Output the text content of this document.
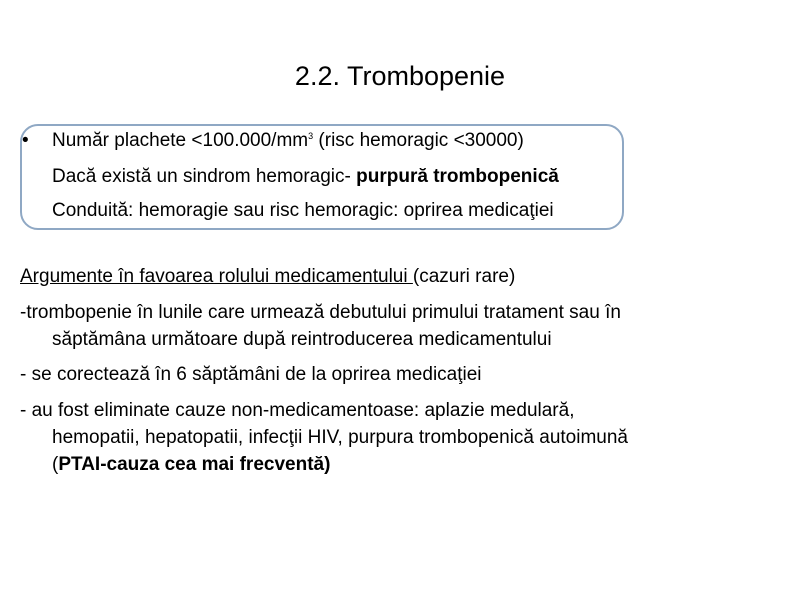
2.2. Trombopenie
• Număr plachete $<100.000/mm^3$ (risc hemoragic <30000)
Dacă există un sindrom hemoragic- purpură trombopenică
Conduită: hemoragie sau risc hemoragic: oprirea medicaţiei
Argumente în favoarea rolului medicamentului (cazuri rare)
-trombopenie în lunile care urmează debutului primului tratament sau în
săptămâna următoare după reintroducerea medicamentului
- se corectează în 6 săptămâni de la oprirea medicaţiei
- au fost eliminate cauze non-medicamentoase: aplazie medulară,
hemopatii, hepatopatii, infecţii HIV, purpura trombopenică autoimună
(PTAI-cauza cea mai frecventă)
